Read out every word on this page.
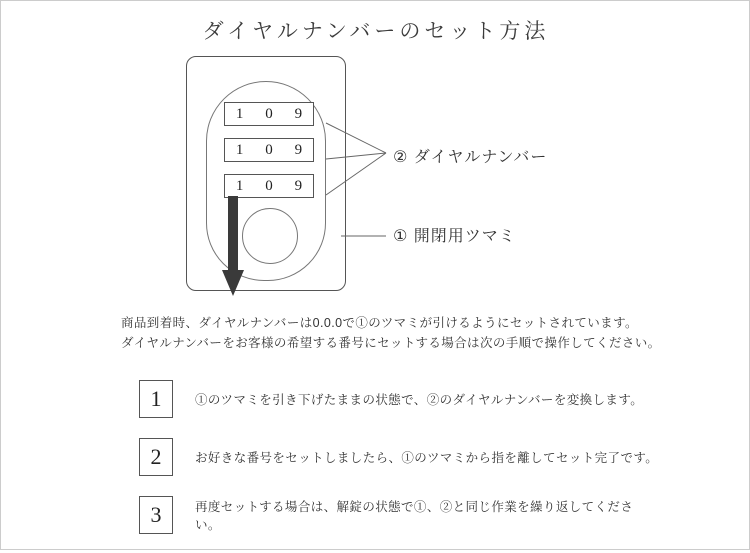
ダイヤルナンバーのセット方法
1	0	9
1	0	9
1	0	9
② ダイヤルナンバー
① 開閉用ツマミ
商品到着時、ダイヤルナンバーは0.0.0で①のツマミが引けるようにセットされています。
ダイヤルナンバーをお客様の希望する番号にセットする場合は次の手順で操作してください。
1	①のツマミを引き下げたままの状態で、②のダイヤルナンバーを変換します。
2	お好きな番号をセットしましたら、①のツマミから指を離してセット完了です。
3	再度セットする場合は、解錠の状態で①、②と同じ作業を繰り返してください。
